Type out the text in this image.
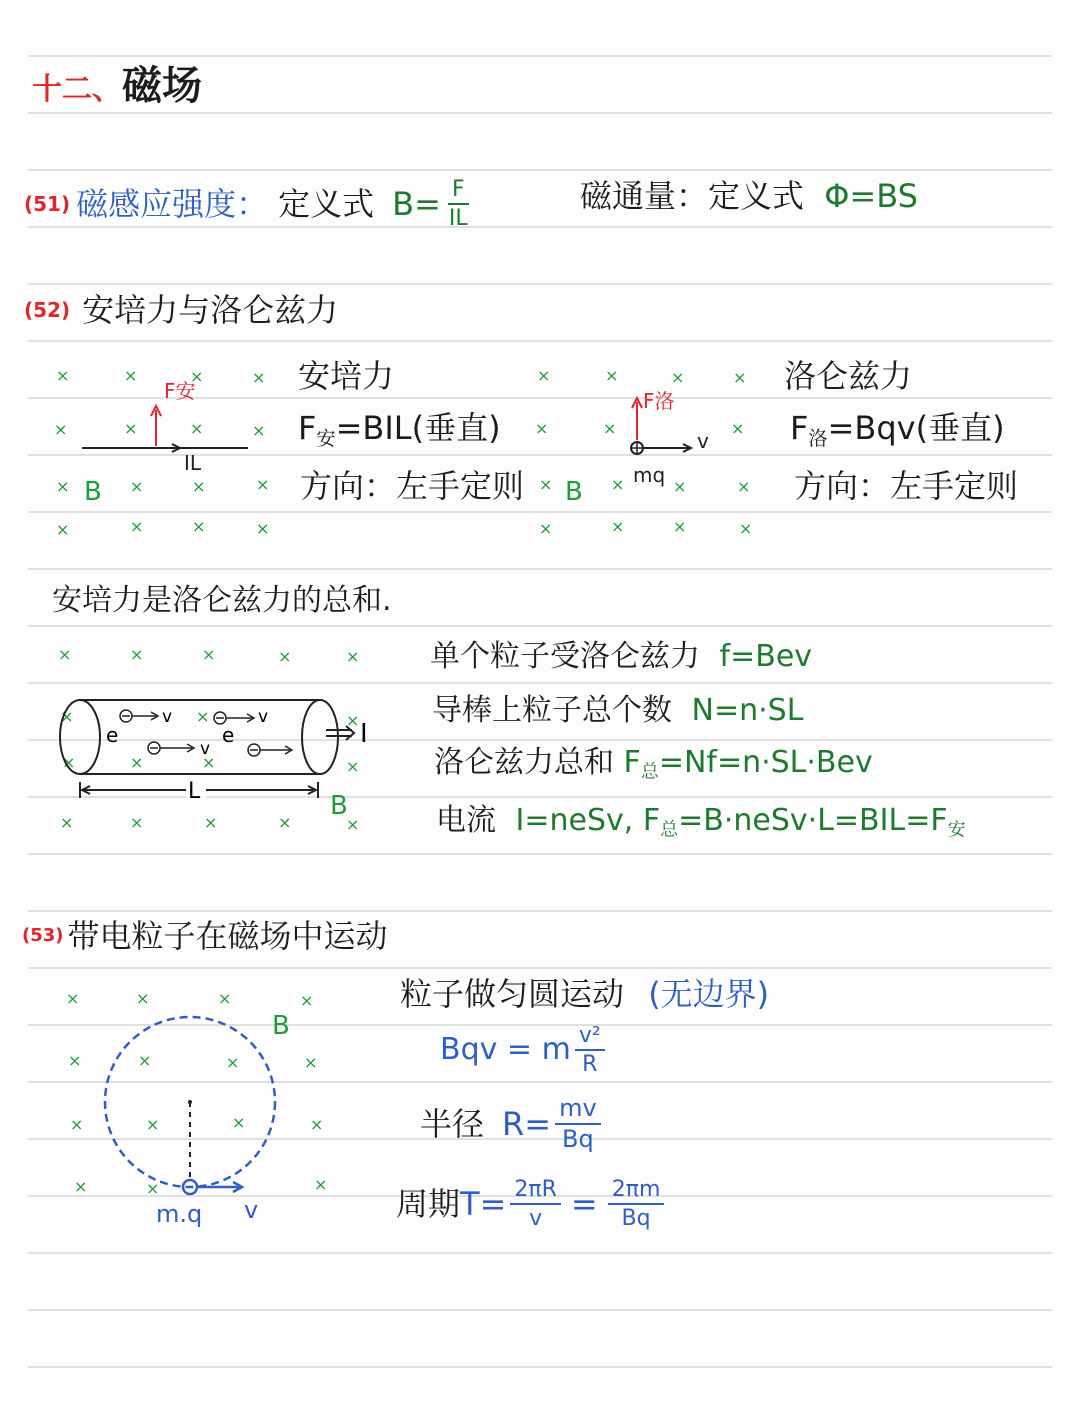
十二、磁场
(51) 磁感应强度： 定义式 $B= \frac{F}{IL}$	磁通量：定义式 Φ=BS
(52) 安培力与洛仑兹力
×	×	×	×
×	×	×	×
×	×	×	×
×	×	×	×
F安
IL
B
安培力
$F_安=BIL$(垂直)
方向：左手定则
×	×	×	×
×	×	×
×	×	×	×
×	×	×	×
v
F洛
mq
B
洛仑兹力
$F_洛=Bqv$(垂直)
方向：左手定则
安培力是洛仑兹力的总和.
×	×	×	×	×
×
×
×	×	×	×	×
×	×
×	×	×
v
e
v
e
v	I
L	B
单个粒子受洛仑兹力 f=Bev
导棒上粒子总个数 N=n·SL
洛仑兹力总和 $F_总=Nf=n\cdot SL\cdot Bev$
电流 I=neSv, $F_总=B\cdot neSv\cdot L=BIL=F_安$
(53) 带电粒子在磁场中运动
×	×	×	×
×	×	×	×
×	×	×	×
×	×	×
B
m.q v
粒子做匀圆运动 (无边界)
Bqv = m $\frac{\text{v²}}{R}$
半径 $R= \frac{mv}{Bq}$
周期 $T= \frac{2\pi R}{v} = \frac{2\pi m}{Bq}$
